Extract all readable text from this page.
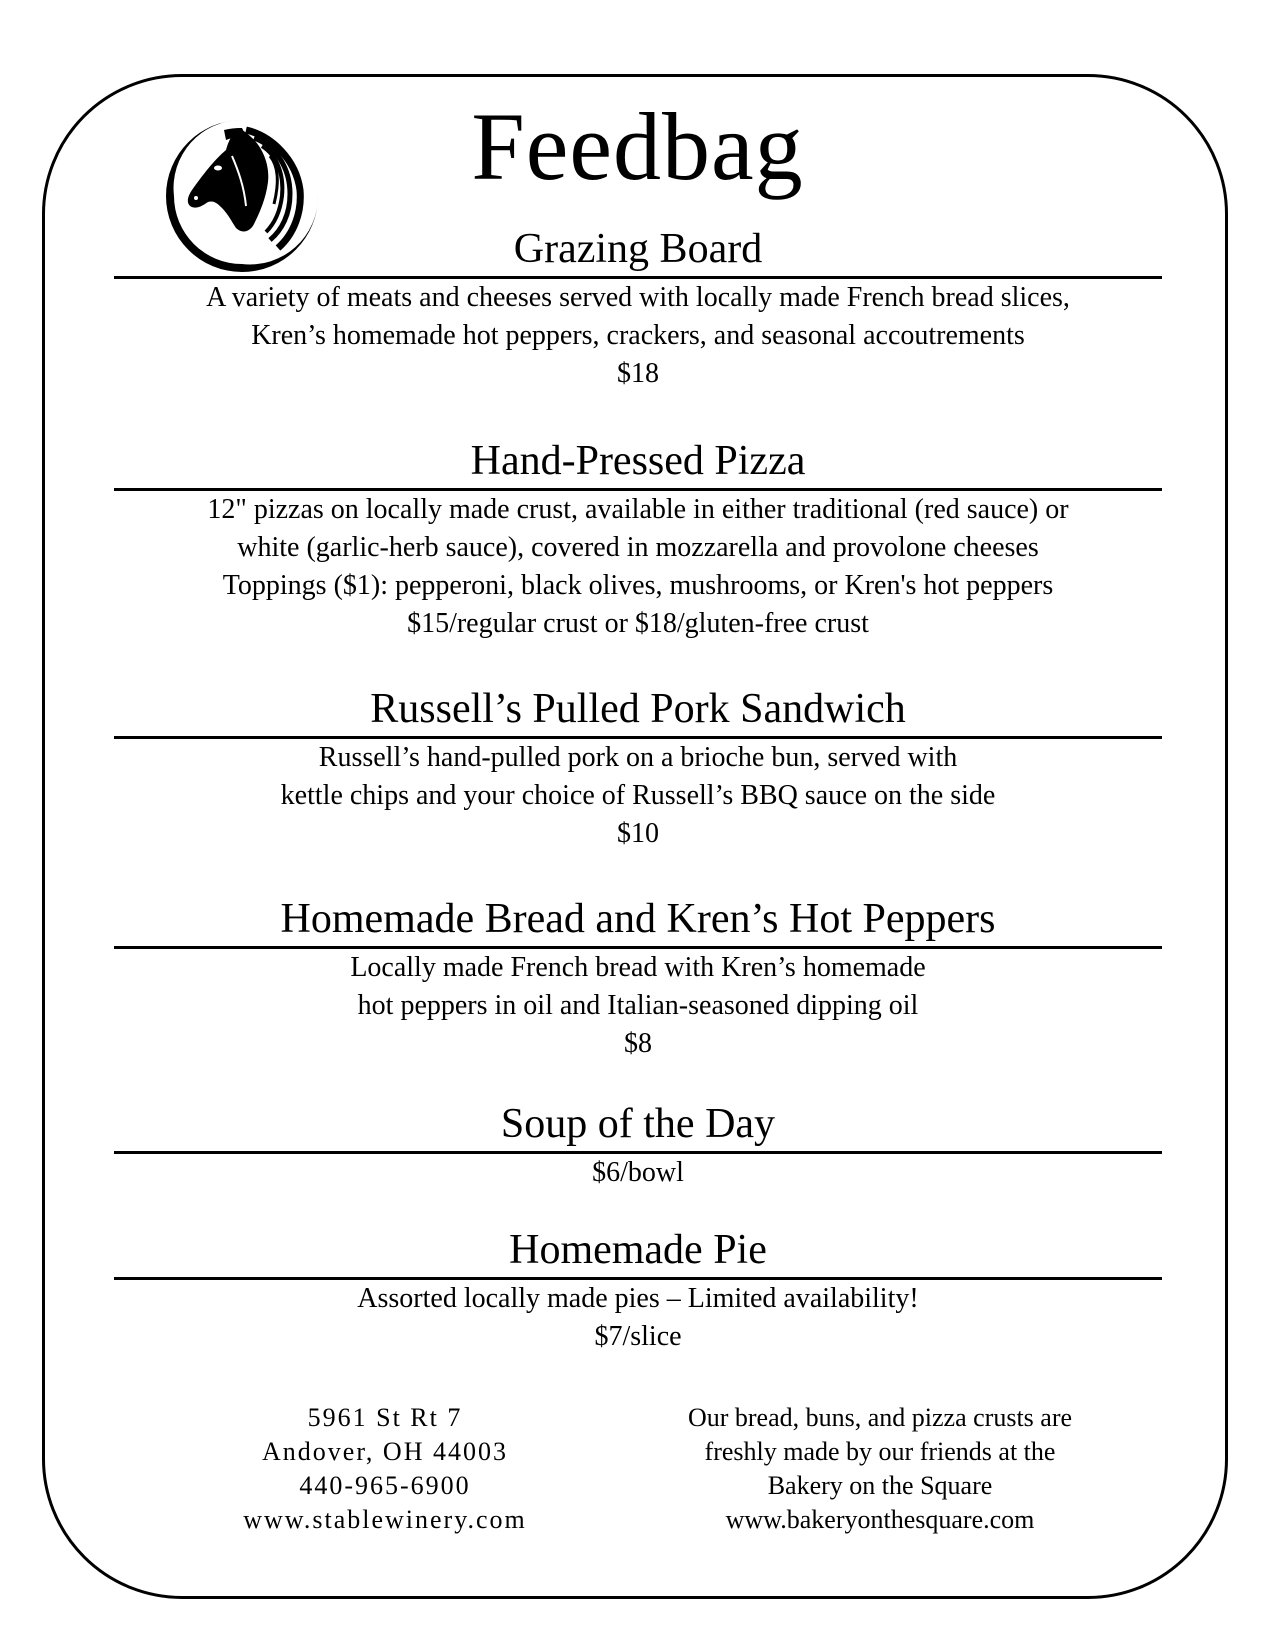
Feedbag
Grazing Board
A variety of meats and cheeses served with locally made French bread slices,
Kren’s homemade hot peppers, crackers, and seasonal accoutrements
$18
Hand-Pressed Pizza
12" pizzas on locally made crust, available in either traditional (red sauce) or
white (garlic-herb sauce), covered in mozzarella and provolone cheeses
Toppings ($1): pepperoni, black olives, mushrooms, or Kren's hot peppers
$15/regular crust or $18/gluten-free crust
Russell’s Pulled Pork Sandwich
Russell’s hand-pulled pork on a brioche bun, served with
kettle chips and your choice of Russell’s BBQ sauce on the side
$10
Homemade Bread and Kren’s Hot Peppers
Locally made French bread with Kren’s homemade
hot peppers in oil and Italian-seasoned dipping oil
$8
Soup of the Day
$6/bowl
Homemade Pie
Assorted locally made pies – Limited availability!
$7/slice
5961 St Rt 7
Andover, OH 44003
440-965-6900
www.stablewinery.com
Our bread, buns, and pizza crusts are
freshly made by our friends at the
Bakery on the Square
www.bakeryonthesquare.com
